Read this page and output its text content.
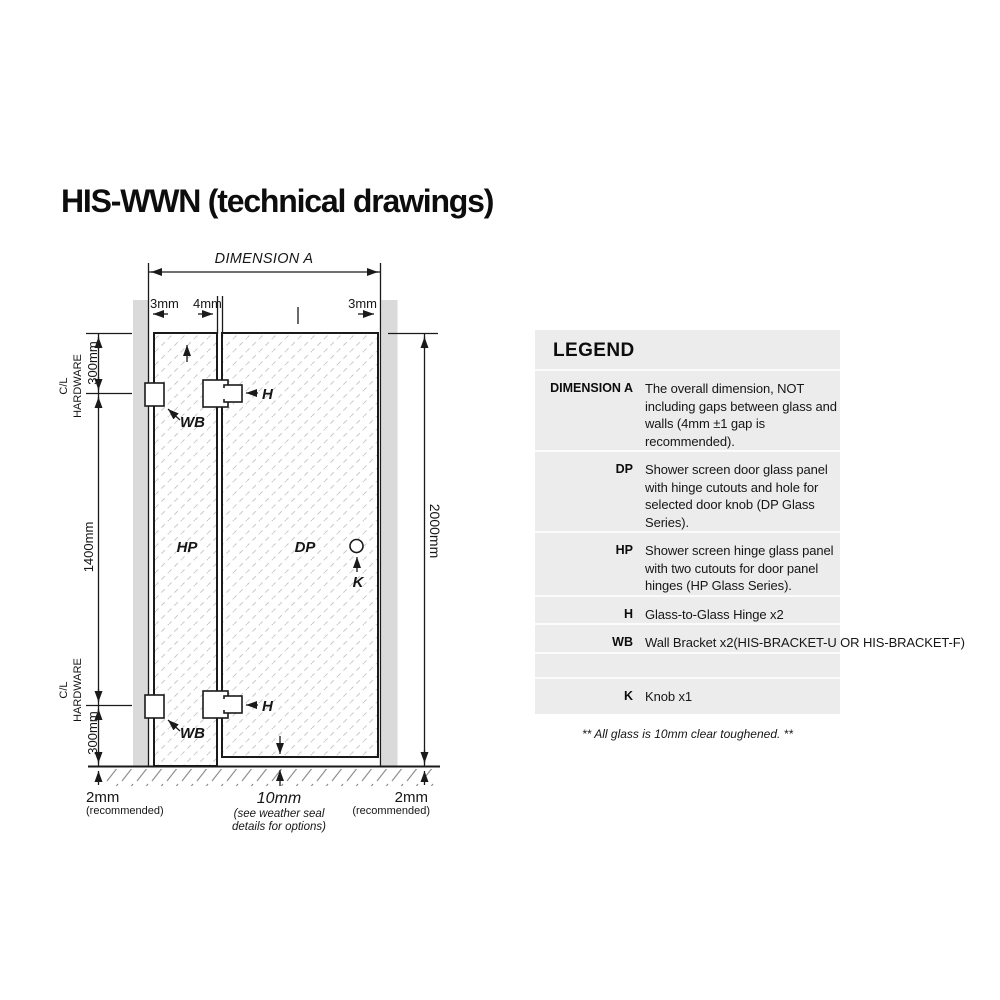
HIS-WWN (technical drawings)
DIMENSION A
3mm 4mm	3mm
C/L HARDWARE 300mm
1400mm
C/L HARDWARE
300mm
2000mm
H
WB
HP	DP
K
H
WB
2mm
(recommended)
10mm
(see weather seal
details for options)
2mm
(recommended)
LEGEND
DIMENSION A The overall dimension, NOT including gaps between glass and walls (4mm ±1 gap is recommended).
DP Shower screen door glass panel with hinge cutouts and hole for selected door knob (DP Glass Series).
HP Shower screen hinge glass panel with two cutouts for door panel hinges (HP Glass Series).
H Glass-to-Glass Hinge x2
WB Wall Bracket x2(HIS-BRACKET-U OR HIS-BRACKET-F)
K Knob x1
** All glass is 10mm clear toughened. **
